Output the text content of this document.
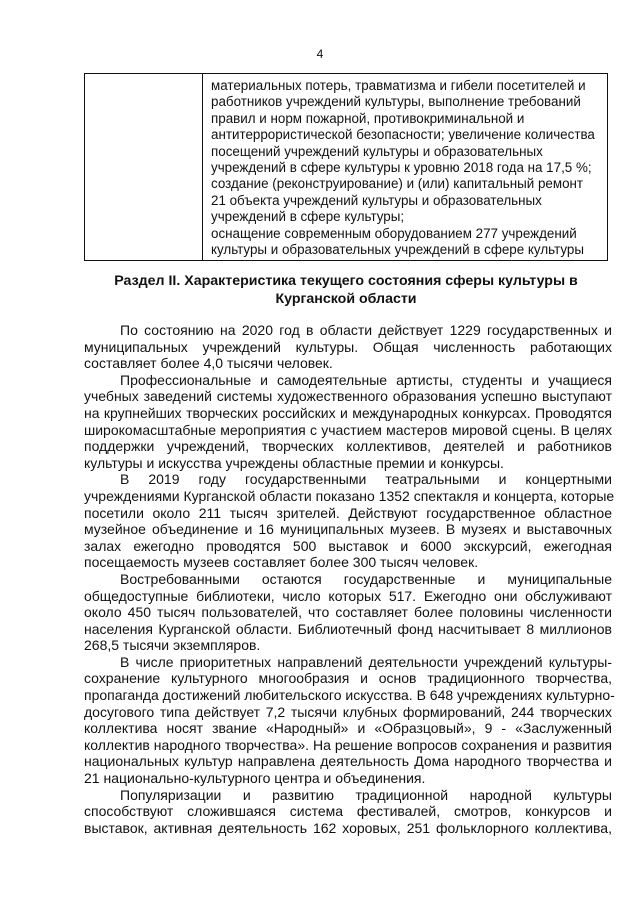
4

материальных потерь, травматизма и гибели посетителей и
работников учреждений культуры, выполнение требований
правил и норм пожарной, противокриминальной и
антитеррористической безопасности; увеличение количества
посещений учреждений культуры и образовательных
учреждений в сфере культуры к уровню 2018 года на 17,5 %;
создание (реконструирование) и (или) капитальный ремонт
21 объекта учреждений культуры и образовательных
учреждений в сфере культуры;
оснащение современным оборудованием 277 учреждений
культуры и образовательных учреждений в сфере культуры
Раздел II. Характеристика текущего состояния сферы культуры в
Курганской области
По состоянию на 2020 год в области действует 1229 государственных и
муниципальных учреждений культуры. Общая численность работающих
составляет более 4,0 тысячи человек.
Профессиональные и самодеятельные артисты, студенты и учащиеся
учебных заведений системы художественного образования успешно выступают
на крупнейших творческих российских и международных конкурсах. Проводятся
широкомасштабные мероприятия с участием мастеров мировой сцены. В целях
поддержки учреждений, творческих коллективов, деятелей и работников
культуры и искусства учреждены областные премии и конкурсы.
В 2019 году государственными театральными и концертными
учреждениями Курганской области показано 1352 спектакля и концерта, которые
посетили около 211 тысяч зрителей. Действуют государственное областное
музейное объединение и 16 муниципальных музеев. В музеях и выставочных
залах ежегодно проводятся 500 выставок и 6000 экскурсий, ежегодная
посещаемость музеев составляет более 300 тысяч человек.
Востребованными остаются государственные и муниципальные
общедоступные библиотеки, число которых 517. Ежегодно они обслуживают
около 450 тысяч пользователей, что составляет более половины численности
населения Курганской области. Библиотечный фонд насчитывает 8 миллионов
268,5 тысячи экземпляров.
В числе приоритетных направлений деятельности учреждений культуры-
сохранение культурного многообразия и основ традиционного творчества,
пропаганда достижений любительского искусства. В 648 учреждениях культурно-
досугового типа действует 7,2 тысячи клубных формирований, 244 творческих
коллектива носят звание «Народный» и «Образцовый», 9 - «Заслуженный
коллектив народного творчества». На решение вопросов сохранения и развития
национальных культур направлена деятельность Дома народного творчества и
21 национально-культурного центра и объединения.
Популяризации и развитию традиционной народной культуры
способствуют сложившаяся система фестивалей, смотров, конкурсов и
выставок, активная деятельность 162 хоровых, 251 фольклорного коллектива,
